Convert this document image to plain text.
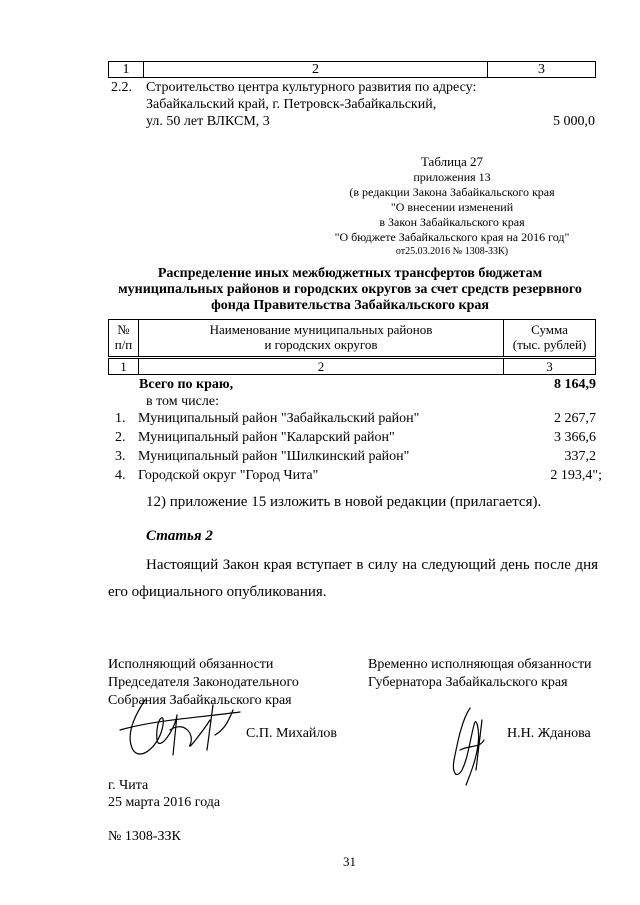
1	2	3
2.2. Строительство центра культурного развития по адресу:
Забайкальский край, г. Петровск-Забайкальский,
ул. 50 лет ВЛКСМ, 3	5 000,0
Таблица 27
приложения 13
(в редакции Закона Забайкальского края
"О внесении изменений
в Закон Забайкальского края
"О бюджете Забайкальского края на 2016 год"
от25.03.2016 № 1308-ЗЗК)
Распределение иных межбюджетных трансфертов бюджетам
муниципальных районов и городских округов за счет средств резервного
фонда Правительства Забайкальского края
№
п/п
Наименование муниципальных районов
и городских округов
Сумма
(тыс. рублей)
1	2	3
Всего по краю,	8 164,9
в том числе:
1. Муниципальный район "Забайкальский район"	2 267,7
2. Муниципальный район "Каларский район"	3 366,6
3. Муниципальный район "Шилкинский район"	337,2
4. Городской округ "Город Чита"	2 193,4";
12) приложение 15 изложить в новой редакции (прилагается).
Статья 2
Настоящий Закон края вступает в силу на следующий день после дня
его официального опубликования.
Исполняющий обязанности
Председателя Законодательного
Собрания Забайкальского края
Временно исполняющая обязанности
Губернатора Забайкальского края
С.П. Михайлов	Н.Н. Жданова
г. Чита
25 марта 2016 года
№ 1308-ЗЗК
31
